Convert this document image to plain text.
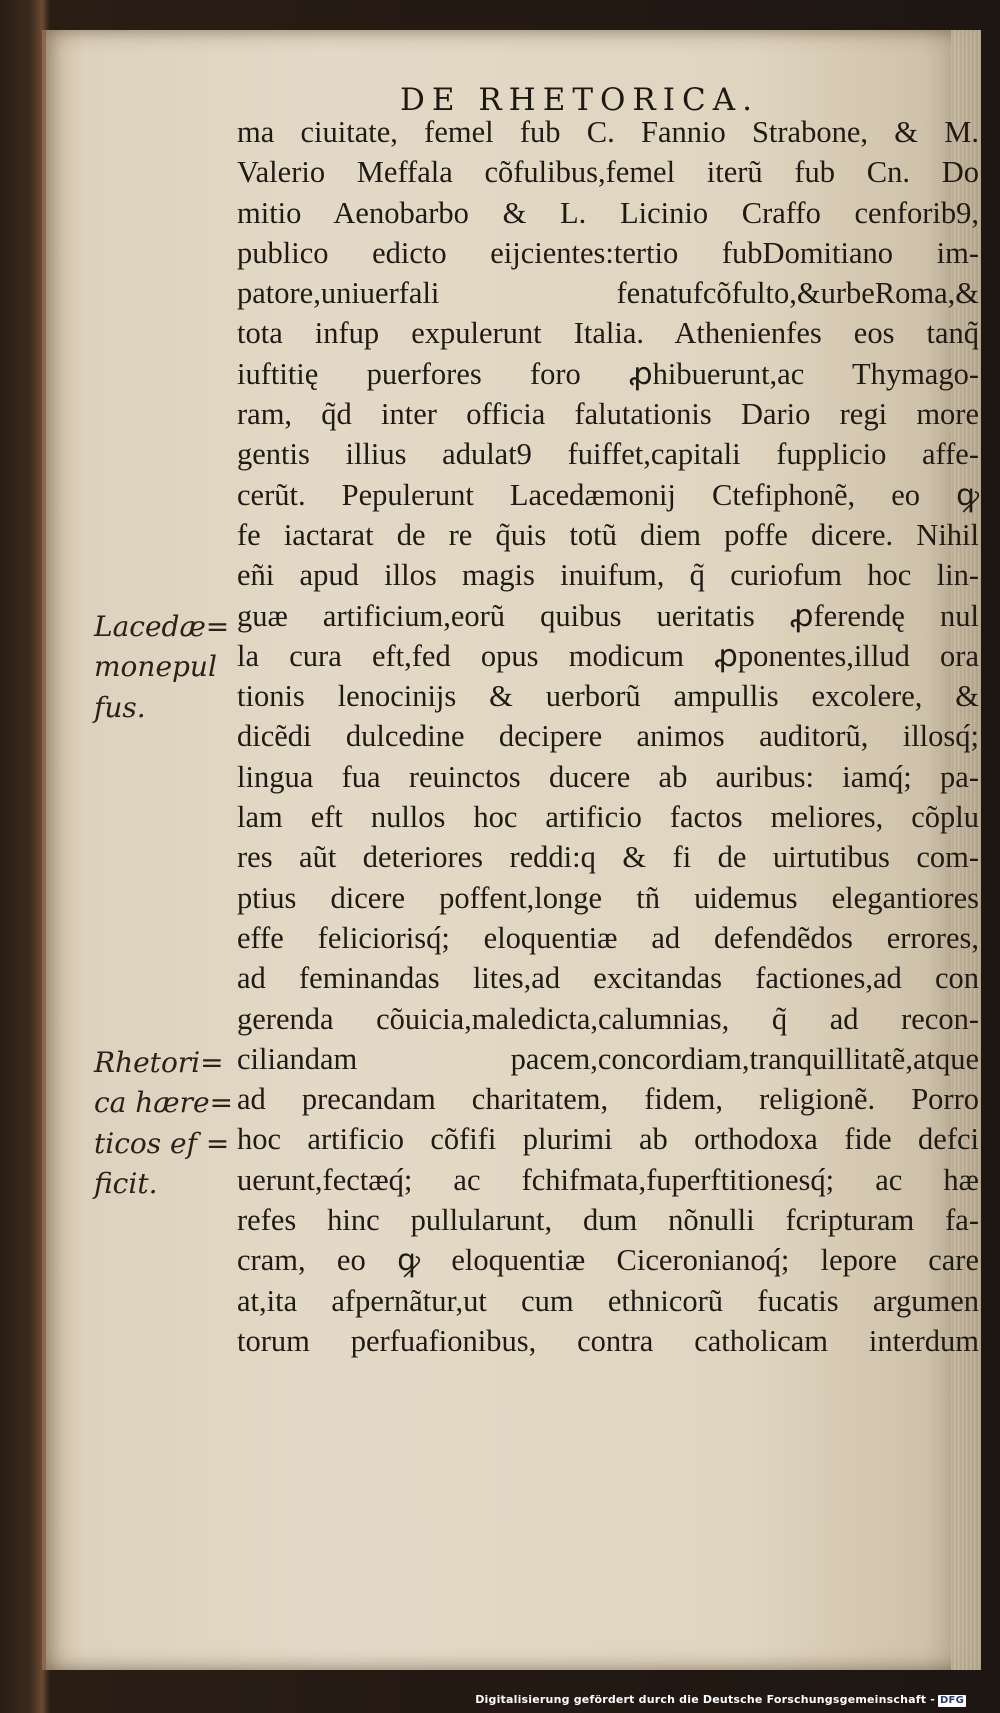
DE RHETORICA.
Lacedæ=
monepul
fus.
Rhetori=
ca hære=
ticos ef =
ficit.
ma ciuitate, femel fub C. Fannio Strabone, & M.
Valerio Meffala cõfulibus,femel iterũ fub Cn. Do
mitio Aenobarbo & L. Licinio Craffo cenforib9,
publico edicto eijcientes:tertio fubDomitiano im-
patore,uniuerfali fenatufcõfulto,&urbeRoma,&
tota infup expulerunt Italia. Athenienfes eos tanq̃
iuftitię puerfores foro ꝓhibuerunt,ac Thymago-
ram, q̃d inter officia falutationis Dario regi more
gentis illius adulat9 fuiffet,capitali fupplicio affe-
cerũt. Pepulerunt Lacedæmonij Ctefiphonẽ, eo ꝙ
fe iactarat de re q̃uis totũ diem poffe dicere. Nihil
eñi apud illos magis inuifum, q̃ curiofum hoc lin-
guæ artificium,eorũ quibus ueritatis ꝓferendę nul
la cura eft,fed opus modicum ꝓponentes,illud ora
tionis lenocinijs & uerborũ ampullis excolere, &
dicẽdi dulcedine decipere animos auditorũ, illosq́;
lingua fua reuinctos ducere ab auribus: iamq́; pa-
lam eft nullos hoc artificio factos meliores, cõplu
res aũt deteriores reddi:q & fi de uirtutibus com-
ptius dicere poffent,longe tñ uidemus elegantiores
effe feliciorisq́; eloquentiæ ad defendẽdos errores,
ad feminandas lites,ad excitandas factiones,ad con
gerenda cõuicia,maledicta,calumnias, q̃ ad recon-
ciliandam pacem,concordiam,tranquillitatẽ,atque
ad precandam charitatem, fidem, religionẽ. Porro
hoc artificio cõfifi plurimi ab orthodoxa fide defci
uerunt,fectæq́; ac fchifmata,fuperftitionesq́; ac hæ
refes hinc pullularunt, dum nõnulli fcripturam fa-
cram, eo ꝙ eloquentiæ Ciceronianoq́; lepore care
at,ita afpernãtur,ut cum ethnicorũ fucatis argumen
torum perfuafionibus, contra catholicam interdum
Digitalisierung gefördert durch die Deutsche Forschungsgemeinschaft - DFG
